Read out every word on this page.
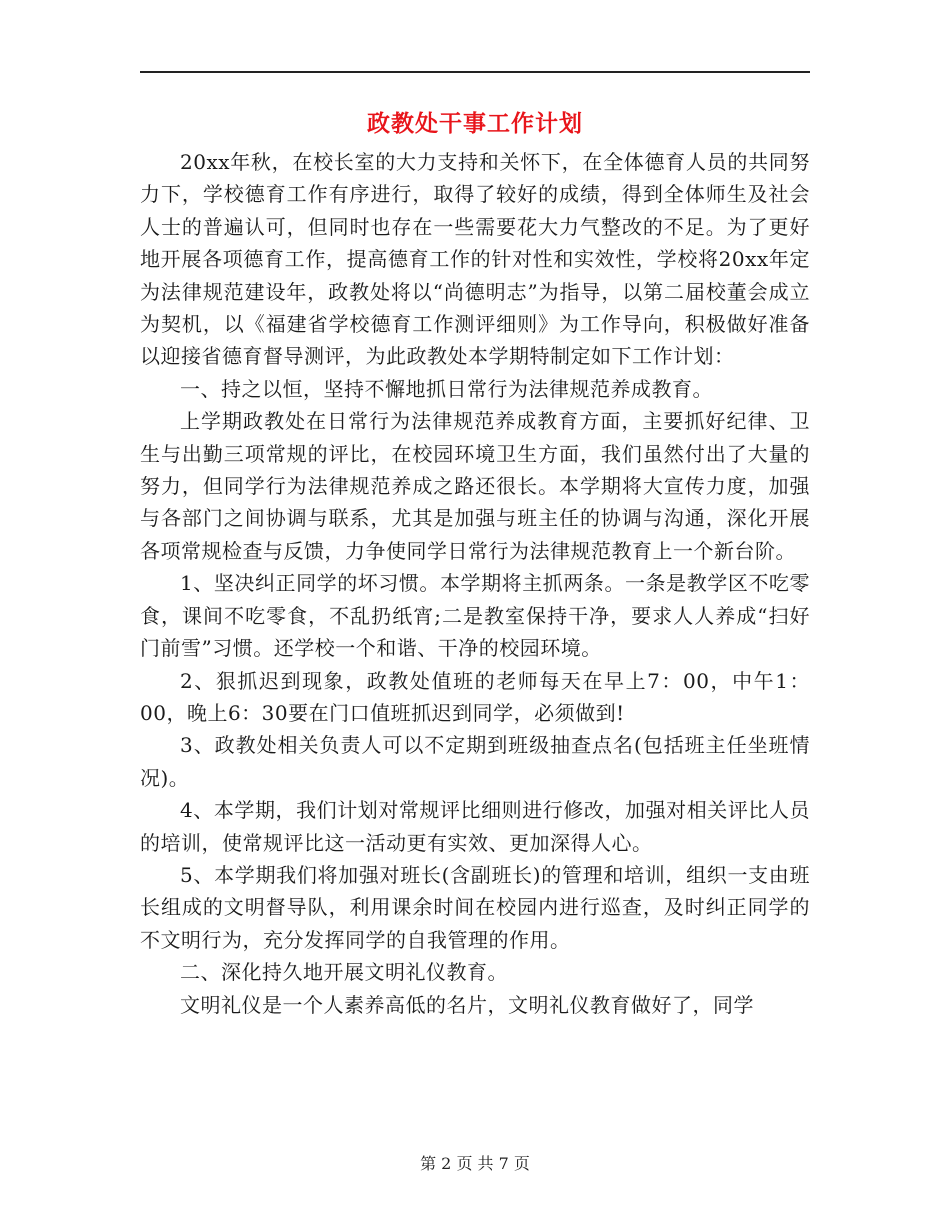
政教处干事工作计划

20xx年秋，在校长室的大力支持和关怀下，在全体德育人员的共同努力下，学校德育工作有序进行，取得了较好的成绩，得到全体师生及社会人士的普遍认可，但同时也存在一些需要花大力气整改的不足。为了更好地开展各项德育工作，提高德育工作的针对性和实效性，学校将20xx年定为法律规范建设年，政教处将以“尚德明志”为指导，以第二届校董会成立为契机，以《福建省学校德育工作测评细则》为工作导向，积极做好准备以迎接省德育督导测评，为此政教处本学期特制定如下工作计划：

一、持之以恒，坚持不懈地抓日常行为法律规范养成教育。

上学期政教处在日常行为法律规范养成教育方面，主要抓好纪律、卫生与出勤三项常规的评比，在校园环境卫生方面，我们虽然付出了大量的努力，但同学行为法律规范养成之路还很长。本学期将大宣传力度，加强与各部门之间协调与联系，尤其是加强与班主任的协调与沟通，深化开展各项常规检查与反馈，力争使同学日常行为法律规范教育上一个新台阶。

1、坚决纠正同学的坏习惯。本学期将主抓两条。一条是教学区不吃零食，课间不吃零食，不乱扔纸宵;二是教室保持干净，要求人人养成“扫好门前雪”习惯。还学校一个和谐、干净的校园环境。

2、狠抓迟到现象，政教处值班的老师每天在早上7：00，中午1：00，晚上6：30要在门口值班抓迟到同学，必须做到!

3、政教处相关负责人可以不定期到班级抽查点名(包括班主任坐班情况)。

4、本学期，我们计划对常规评比细则进行修改，加强对相关评比人员的培训，使常规评比这一活动更有实效、更加深得人心。

5、本学期我们将加强对班长(含副班长)的管理和培训，组织一支由班长组成的文明督导队，利用课余时间在校园内进行巡查，及时纠正同学的不文明行为，充分发挥同学的自我管理的作用。

二、深化持久地开展文明礼仪教育。

文明礼仪是一个人素养高低的名片，文明礼仪教育做好了，同学

第 2 页 共 7 页
